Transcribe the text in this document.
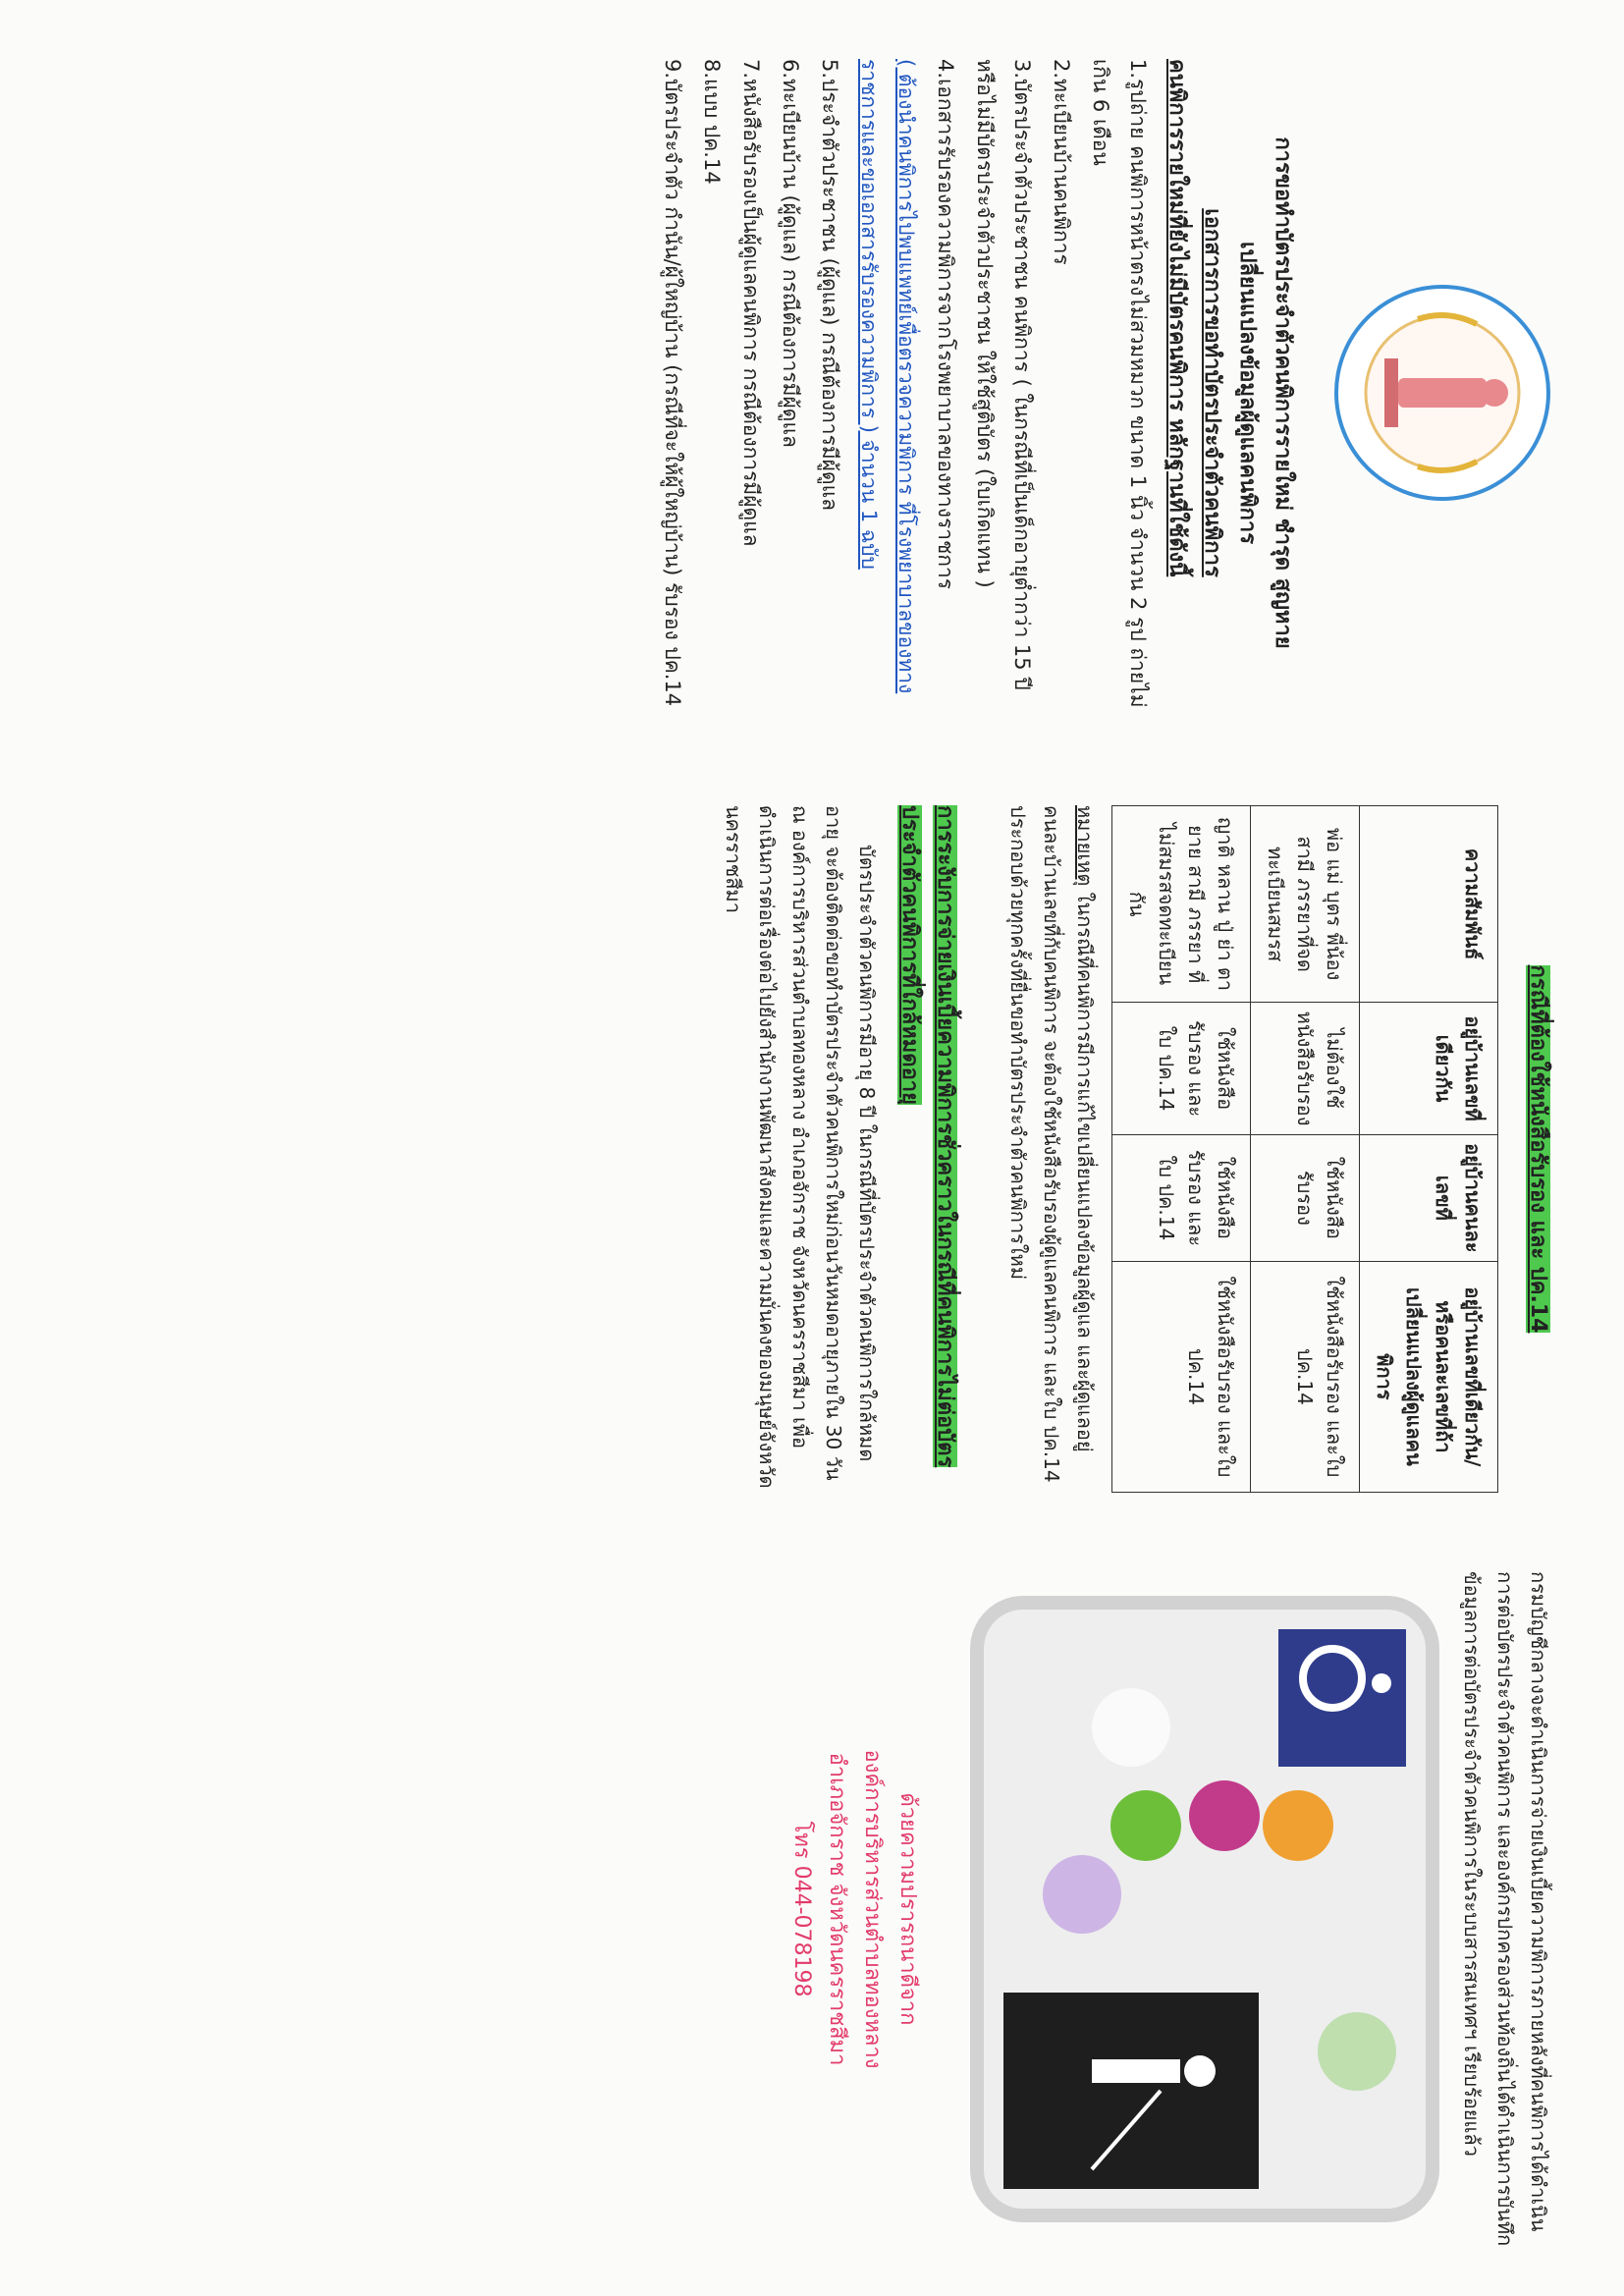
การขอทำบัตรประจำตัวคนพิการรายใหม่ ชำรุด สูญหาย
เปลี่ยนแปลงข้อมูลผู้ดูแลคนพิการ
เอกสารการขอทำบัตรประจำตัวคนพิการ
คนพิการรายใหม่ที่ยังไม่มีบัตรคนพิการ หลักฐานที่ใช้ดังนี้
1.รูปถ่าย คนพิการหน้าตรงไม่สวมหมวก ขนาด 1 นิ้ว จำนวน 2 รูป ถ่ายไม่เกิน 6 เดือน
2.ทะเบียนบ้านคนพิการ
3.บัตรประจำตัวประชาชน คนพิการ ( ในกรณีที่เป็นเด็กอายุต่ำกว่า 15 ปี หรือไม่มีบัตรประจำตัวประชาชน ให้ใช้สูติบัตร (ใบเกิดแทน )
4.เอกสารรับรองความพิการจากโรงพยาบาลของทางราชการ
( ต้องนำคนพิการไปพบแพทย์เพื่อตรวจความพิการ ที่โรงพยาบาลของทางราชการและขอเอกสารรับรองความพิการ ) จำนวน 1 ฉบับ
5.ประจำตัวประชาชน (ผู้ดูแล) กรณีต้องการมีผู้ดูแล
6.ทะเบียนบ้าน (ผู้ดูแล) กรณีต้องการมีผู้ดูแล
7.หนังสือรับรองเป็นผู้ดูแลคนพิการ กรณีต้องการมีผู้ดูแล
8.แบบ ปค.14
9.บัตรประจำตัว กำนัน/ผู้ใหญ่บ้าน (กรณีที่จะให้ผู้ใหญ่บ้าน) รับรอง ปค.14
กรณีที่ต้องใช้หนังสือรับรอง และ ปค.14
ความสัมพันธ์	อยู่บ้านเลขที่เดียวกัน	อยู่บ้านคนละเลขที่	อยู่บ้านเลขที่เดียวกัน/หรือคนละเลขที่ถ้าเปลี่ยนแปลงผู้ดูแลคนพิการ
พ่อ แม่ บุตร พี่น้องสามี ภรรยาที่จดทะเบียนสมรส	ไม่ต้องใช้หนังสือรับรอง	ใช้หนังสือรับรอง	ใช้หนังสือรับรอง และใบ ปค.14
ญาติ หลาน ปู่ ย่า ตา ยาย สามี ภรรยา ที่ไม่สมรสจดทะเบียนกัน	ใช้หนังสือรับรอง และใบ ปค.14	ใช้หนังสือรับรอง และใบ ปค.14	ใช้หนังสือรับรอง และใบ ปค.14
หมายเหตุ ในกรณีที่คนพิการมีการแก้ไขเปลี่ยนแปลงข้อมูลผู้ดูแล และผู้ดูแลอยู่คนละบ้านเลขที่กับคนพิการ จะต้องใช้หนังสือรับรองผู้ดูแลคนพิการ และใบ ปค.14 ประกอบด้วยทุกครั้งที่ยื่นขอทำบัตรประจำตัวคนพิการใหม่
การระงับการจ่ายเงินเบี้ยความพิการชั่วคราวในกรณีที่คนพิการไม่ต่อบัตรประจำตัวคนพิการที่ใกล้หมดอายุ
บัตรประจำตัวคนพิการมีอายุ 8 ปี ในกรณีที่บัตรประจำตัวคนพิการใกล้หมดอายุ จะต้องติดต่อขอทำบัตรประจำตัวคนพิการใหม่ก่อนวันหมดอายุภายใน 30 วัน ณ องค์การบริหารส่วนตำบลทองหลาง อำเภอจักราช จังหวัดนครราชสีมา เพื่อดำเนินการต่อเรื่องต่อไปยังสำนักงานพัฒนาสังคมและความมั่นคงของมนุษย์จังหวัดนครราชสีมา
กรมบัญชีกลางจะดำเนินการจ่ายเงินเบี้ยความพิการภายหลังที่คนพิการได้ดำเนินการต่อบัตรประจำตัวคนพิการ และองค์กรปกครองส่วนท้องถิ่นได้ดำเนินการบันทึกข้อมูลการต่อบัตรประจำตัวคนพิการในระบบสารสนเทศฯ เรียบร้อยแล้ว
ด้วยความปรารถนาดีจาก
องค์การบริหารส่วนตำบลทองหลาง
อำเภอจักราช จังหวัดนครราชสีมา
โทร 044-078198
